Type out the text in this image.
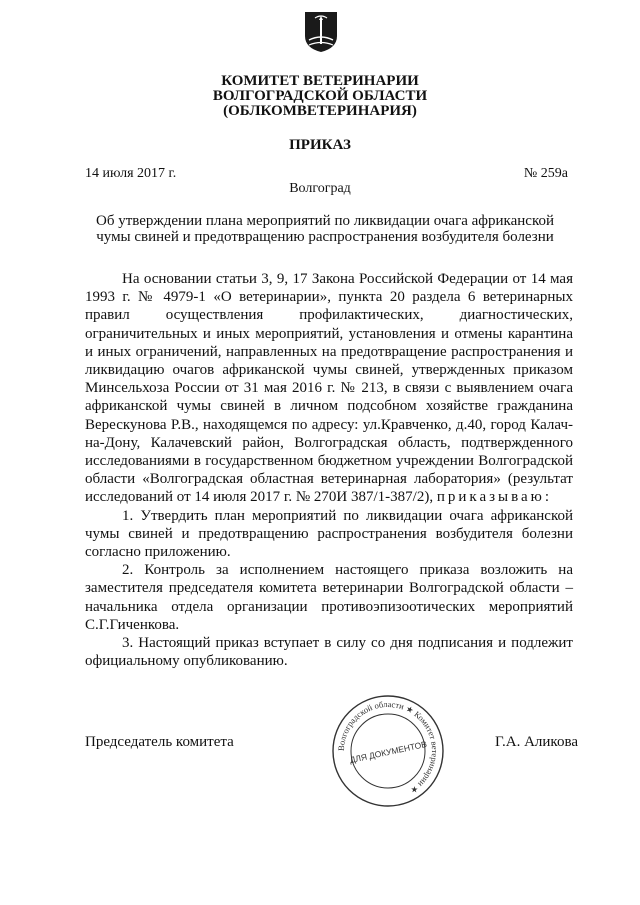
КОМИТЕТ ВЕТЕРИНАРИИ
ВОЛГОГРАДСКОЙ ОБЛАСТИ
(ОБЛКОМВЕТЕРИНАРИЯ)
ПРИКАЗ
14 июля 2017 г.	№ 259а
Волгоград
Об утверждении плана мероприятий по ликвидации очага африканской
чумы свиней и предотвращению распространения возбудителя болезни

На основании статьи 3, 9, 17 Закона Российской Федерации от 14 мая 1993 г. № 4979-1 «О ветеринарии», пункта 20 раздела 6 ветеринарных правил осуществления профилактических, диагностических, ограничительных и иных мероприятий, установления и отмены карантина и иных ограничений, направленных на предотвращение распространения и ликвидацию очагов африканской чумы свиней, утвержденных приказом Минсельхоза России от 31 мая 2016 г. № 213, в связи с выявлением очага африканской чумы свиней в личном подсобном хозяйстве гражданина Верескунова Р.В., находящемся по адресу: ул.Кравченко, д.40, город Калач-на-Дону, Калачевский район, Волгоградская область, подтвержденного исследованиями в государственном бюджетном учреждении Волгоградской области «Волгоградская областная ветеринарная лаборатория» (результат исследований от 14 июля 2017 г. № 270И 387/1-387/2), приказываю:

1. Утвердить план мероприятий по ликвидации очага африканской чумы свиней и предотвращению распространения возбудителя болезни согласно приложению.

2. Контроль за исполнением настоящего приказа возложить на заместителя председателя комитета ветеринарии Волгоградской области – начальника отдела организации противоэпизоотических мероприятий С.Г.Гиченкова.

3. Настоящий приказ вступает в силу со дня подписания и подлежит официальному опубликованию.

Председатель комитета	Г.А. Аликова
Волгоградской области ★ Комитет ветеринарии ★
ДЛЯ ДОКУМЕНТОВ
